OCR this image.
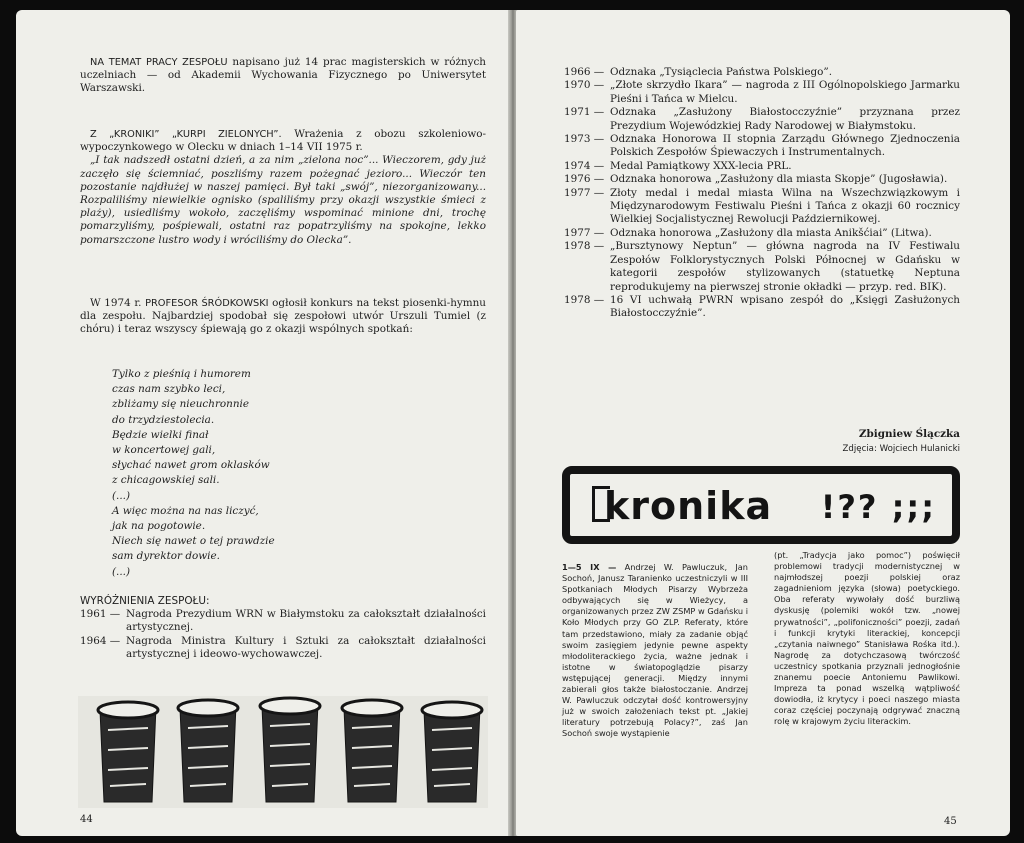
NA TEMAT PRACY ZESPOŁU napisano już 14 prac magisterskich w różnych uczelniach — od Akademii Wychowania Fizycznego po Uniwersytet Warszawski.

Z „KRONIKI” „KURPI ZIELONYCH”. Wrażenia z obozu szkoleniowo-wypoczynkowego w Olecku w dniach 1–14 VII 1975 r.
„I tak nadszedł ostatni dzień, a za nim „zielona noc”... Wieczorem, gdy już zaczęło się ściemniać, poszliśmy razem pożegnać jezioro... Wieczór ten pozostanie najdłużej w naszej pamięci. Był taki „swój”, niezorganizowany... Rozpaliliśmy niewielkie ognisko (spaliliśmy przy okazji wszystkie śmieci z plaży), usiedliśmy wokoło, zaczęliśmy wspominać minione dni, trochę pomarzyliśmy, pośpiewali, ostatni raz popatrzyliśmy na spokojne, lekko pomarszczone lustro wody i wróciliśmy do Olecka”.

W 1974 r. PROFESOR ŚRÓDKOWSKI ogłosił konkurs na tekst piosenki-hymnu dla zespołu. Najbardziej spodobał się zespołowi utwór Urszuli Tumiel (z chóru) i teraz wszyscy śpiewają go z okazji wspólnych spotkań:

Tylko z pieśnią i humorem
czas nam szybko leci,
zbliżamy się nieuchronnie
do trzydziestolecia.
Będzie wielki finał
w koncertowej gali,
słychać nawet grom oklasków
z chicagowskiej sali.
(...)
A więc można na nas liczyć,
jak na pogotowie.
Niech się nawet o tej prawdzie
sam dyrektor dowie.
(...)
WYRÓŻNIENIA ZESPOŁU:
1961 — Nagroda Prezydium WRN w Białymstoku za całokształt działalności artystycznej.
1964 — Nagroda Ministra Kultury i Sztuki za całokształt działalności artystycznej i ideowo-wychowawczej.
44
1966 — Odznaka „Tysiąclecia Państwa Polskiego”.
1970 — „Złote skrzydło Ikara” — nagroda z III Ogólnopolskiego Jarmarku Pieśni i Tańca w Mielcu.
1971 — Odznaka „Zasłużony Białostocczyźnie” przyznana przez Prezydium Wojewódzkiej Rady Narodowej w Białymstoku.
1973 — Odznaka Honorowa II stopnia Zarządu Głównego Zjednoczenia Polskich Zespołów Śpiewaczych i Instrumentalnych.
1974 — Medal Pamiątkowy XXX-lecia PRL.
1976 — Odznaka honorowa „Zasłużony dla miasta Skopje” (Jugosławia).
1977 — Złoty medal i medal miasta Wilna na Wszechzwiązkowym i Międzynarodowym Festiwalu Pieśni i Tańca z okazji 60 rocznicy Wielkiej Socjalistycznej Rewolucji Październikowej.
1977 — Odznaka honorowa „Zasłużony dla miasta Anikšćiai” (Litwa).
1978 — „Bursztynowy Neptun” — główna nagroda na IV Festiwalu Zespołów Folklorystycznych Polski Północnej w Gdańsku w kategorii zespołów stylizowanych (statuetkę Neptuna reprodukujemy na pierwszej stronie okładki — przyp. red. BIK).
1978 — 16 VI uchwałą PWRN wpisano zespół do „Księgi Zasłużonych Białostocczyźnie”.
Zbigniew Ślączka
Zdjęcia: Wojciech Hulanicki
kronika !?? ;;;

1—5 IX — Andrzej W. Pawluczuk, Jan Sochoń, Janusz Taranienko uczestniczyli w III Spotkaniach Młodych Pisarzy Wybrzeża odbywających się w Wieżycy, a organizowanych przez ZW ZSMP w Gdańsku i Koło Młodych przy GO ZLP. Referaty, które tam przedstawiono, miały za zadanie objąć swoim zasięgiem jedynie pewne aspekty młodoliterackiego życia, ważne jednak i istotne w światopoglądzie pisarzy wstępującej generacji. Między innymi zabierali głos także białostoczanie. Andrzej W. Pawluczuk odczytał dość kontrowersyjny już w swoich założeniach tekst pt. „Jakiej literatury potrzebują Polacy?”, zaś Jan Sochoń swoje wystąpienie

(pt. „Tradycja jako pomoc”) poświęcił problemowi tradycji modernistycznej w najmłodszej poezji polskiej oraz zagadnieniom języka (słowa) poetyckiego. Oba referaty wywołały dość burzliwą dyskusję (polemiki wokół tzw. „nowej prywatności”, „polifoniczności” poezji, zadań i funkcji krytyki literackiej, koncepcji „czytania naiwnego” Stanisława Rośka itd.). Nagrodę za dotychczasową twórczość uczestnicy spotkania przyznali jednogłośnie znanemu poecie Antoniemu Pawlikowi. Impreza ta ponad wszelką wątpliwość dowiodła, iż krytycy i poeci naszego miasta coraz częściej poczynają odgrywać znaczną rolę w krajowym życiu literackim.

45
